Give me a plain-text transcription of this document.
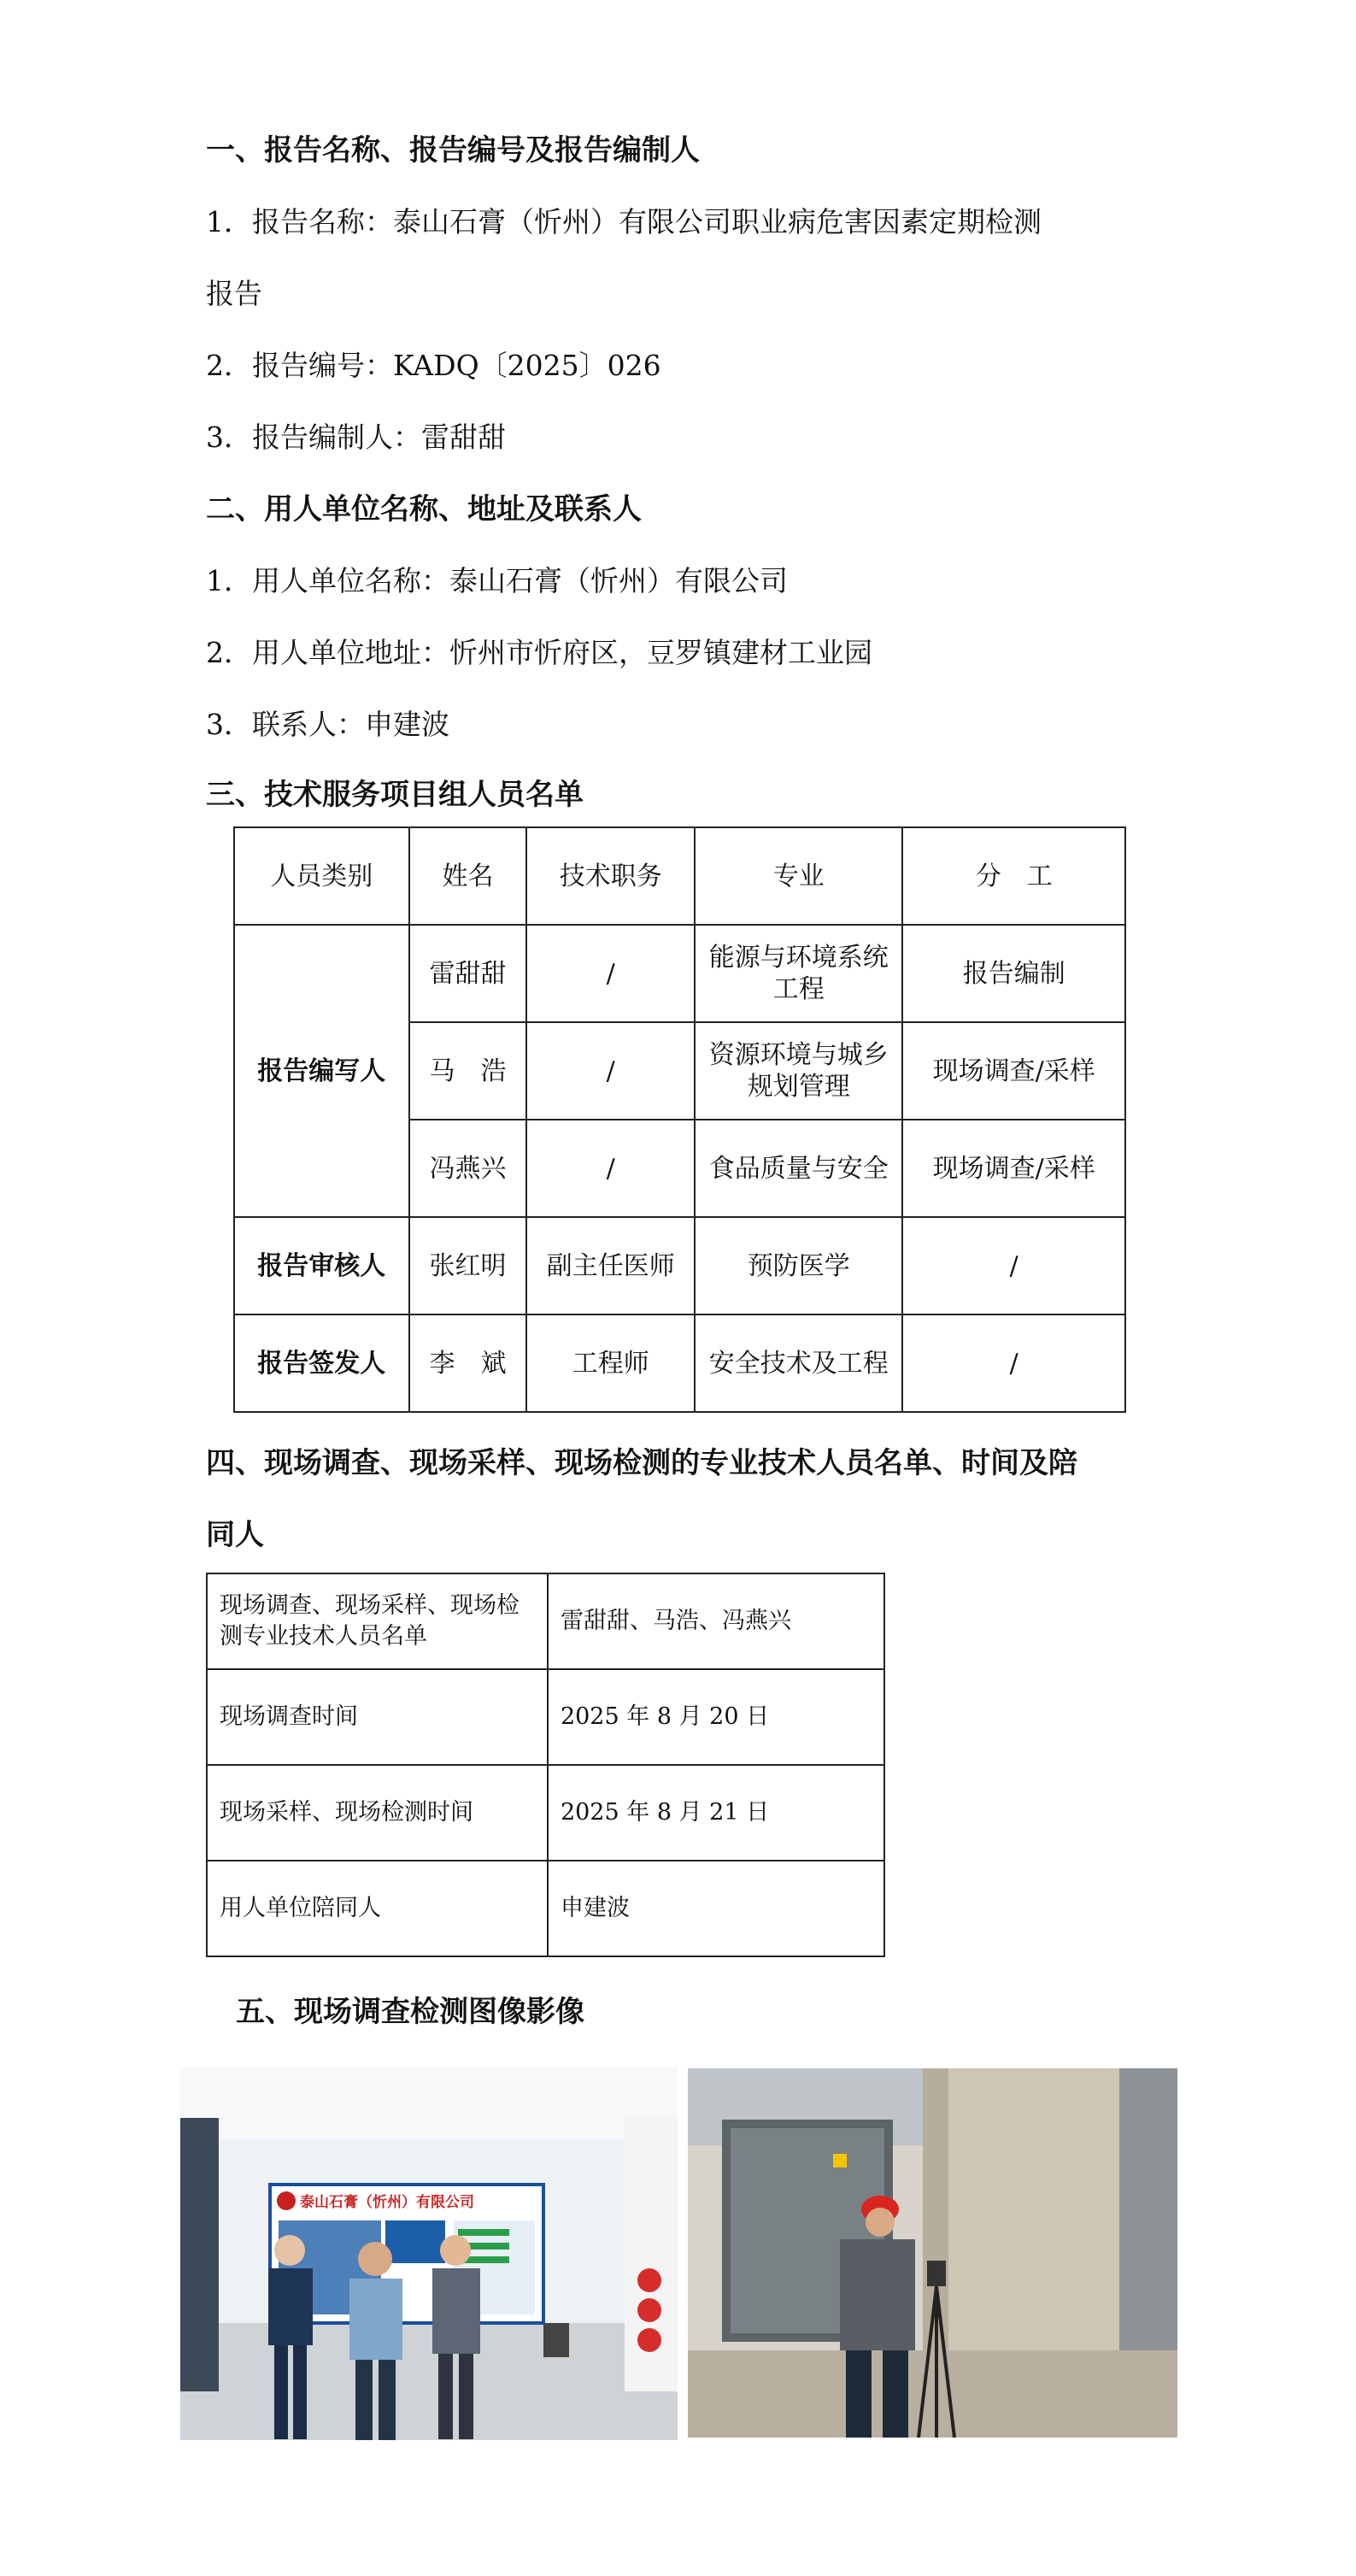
一、报告名称、报告编号及报告编制人
1．报告名称：泰山石膏（忻州）有限公司职业病危害因素定期检测
报告
2．报告编号：KADQ〔2025〕026
3．报告编制人：雷甜甜
二、用人单位名称、地址及联系人
1．用人单位名称：泰山石膏（忻州）有限公司
2．用人单位地址：忻州市忻府区，豆罗镇建材工业园
3．联系人：申建波
三、技术服务项目组人员名单
人员类别	姓名	技术职务	专业	分　工
报告编写人	雷甜甜	/	能源与环境系统工程	报告编制
	马　浩	/	资源环境与城乡规划管理	现场调查/采样
	冯燕兴	/	食品质量与安全	现场调查/采样
报告审核人	张红明	副主任医师	预防医学	/
报告签发人	李　斌	工程师	安全技术及工程	/
四、现场调查、现场采样、现场检测的专业技术人员名单、时间及陪
同人
现场调查、现场采样、现场检测专业技术人员名单	雷甜甜、马浩、冯燕兴
现场调查时间	2025 年 8 月 20 日
现场采样、现场检测时间	2025 年 8 月 21 日
用人单位陪同人	申建波
五、现场调查检测图像影像
泰山石膏（忻州）有限公司
